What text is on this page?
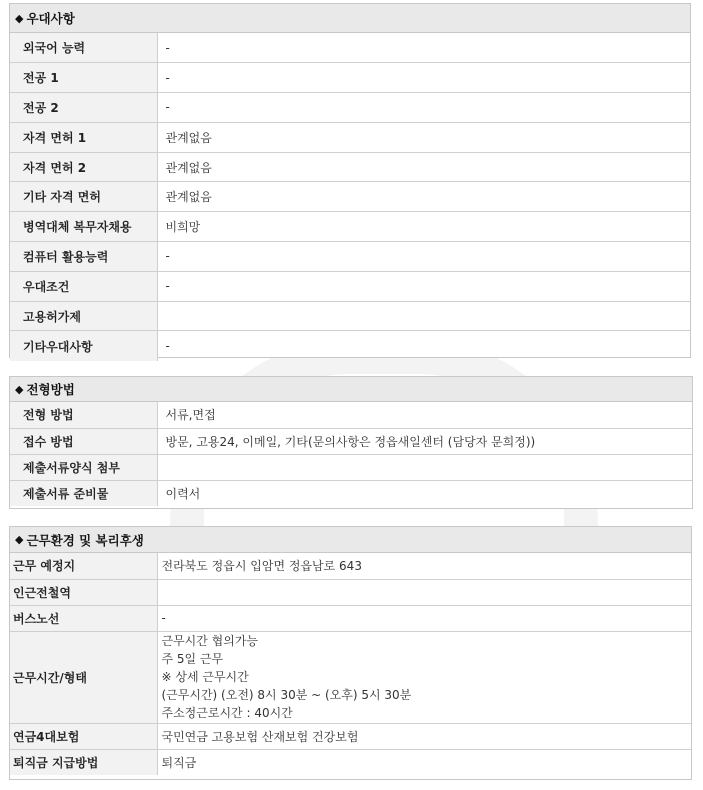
◆ 우대사항
외국어 능력	-
전공 1	-
전공 2	-
자격 면허 1	관계없음
자격 면허 2	관계없음
기타 자격 면허	관계없음
병역대체 복무자채용	비희망
컴퓨터 활용능력	-
우대조건	-
고용허가제	
기타우대사항	-
◆ 전형방법
전형 방법	서류,면접
접수 방법	방문, 고용24, 이메일, 기타(문의사항은 정읍새일센터 (담당자 문희정))
제출서류양식 첨부	
제출서류 준비물	이력서
◆ 근무환경 및 복리후생
근무 예정지	전라북도 정읍시 입암면 정읍남로 643
인근전철역	
버스노선	-
근무시간/형태	근무시간 협의가능
주 5일 근무
※ 상세 근무시간
(근무시간) (오전) 8시 30분 ~ (오후) 5시 30분
주소정근로시간 : 40시간

연금4대보험	국민연금 고용보험 산재보험 건강보험
퇴직금 지급방법	퇴직금
